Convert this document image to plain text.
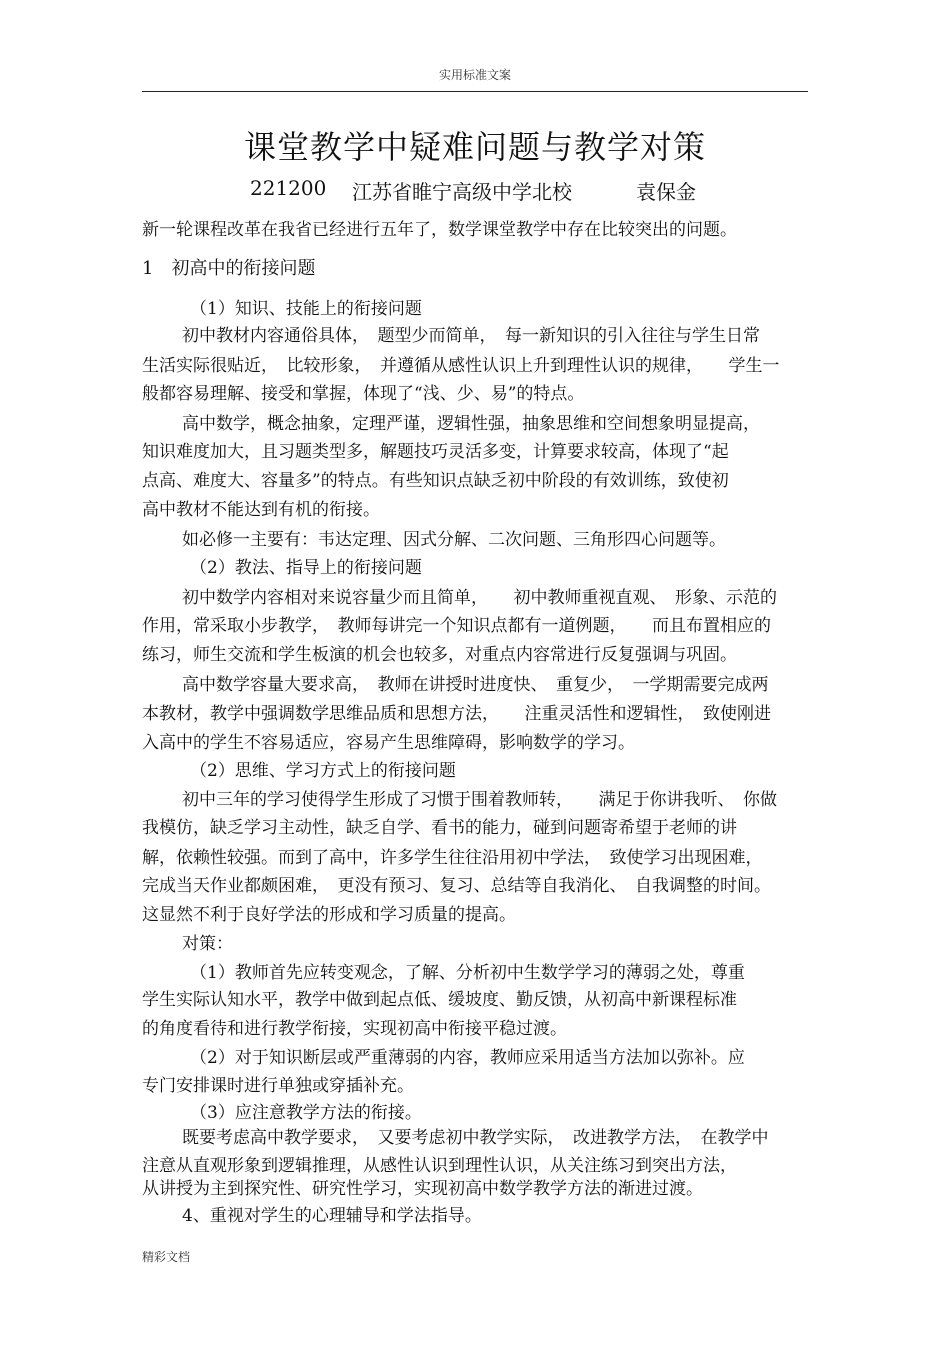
实用标准文案
课堂教学中疑难问题与教学对策
221200 江苏省睢宁高级中学北校	袁保金
新一轮课程改革在我省已经进行五年了，数学课堂教学中存在比较突出的问题。
1　初高中的衔接问题
（1）知识、技能上的衔接问题
初中教材内容通俗具体，　题型少而简单，　每一新知识的引入往往与学生日常
生活实际很贴近，　比较形象，　并遵循从感性认识上升到理性认识的规律，　　学生一
般都容易理解、接受和掌握，体现了“浅、少、易”的特点。
高中数学，概念抽象，定理严谨，逻辑性强，抽象思维和空间想象明显提高，
知识难度加大，且习题类型多，解题技巧灵活多变，计算要求较高，体现了“起
点高、难度大、容量多”的特点。有些知识点缺乏初中阶段的有效训练，致使初
高中教材不能达到有机的衔接。
如必修一主要有：韦达定理、因式分解、二次问题、三角形四心问题等。
（2）教法、指导上的衔接问题
初中数学内容相对来说容量少而且简单，　　初中教师重视直观、　形象、示范的
作用，常采取小步教学，　教师每讲完一个知识点都有一道例题，　　而且布置相应的
练习，师生交流和学生板演的机会也较多，对重点内容常进行反复强调与巩固。
高中数学容量大要求高，　教师在讲授时进度快、　重复少，　一学期需要完成两
本教材，教学中强调数学思维品质和思想方法，　　注重灵活性和逻辑性，　致使刚进
入高中的学生不容易适应，容易产生思维障碍，影响数学的学习。
（2）思维、学习方式上的衔接问题
初中三年的学习使得学生形成了习惯于围着教师转，　　满足于你讲我听、　你做
我模仿，缺乏学习主动性，缺乏自学、看书的能力，碰到问题寄希望于老师的讲
解，依赖性较强。而到了高中，许多学生往往沿用初中学法，　致使学习出现困难，
完成当天作业都颇困难，　更没有预习、复习、总结等自我消化、　自我调整的时间。
这显然不利于良好学法的形成和学习质量的提高。
对策：
（1）教师首先应转变观念，了解、分析初中生数学学习的薄弱之处，尊重
学生实际认知水平，教学中做到起点低、缓坡度、勤反馈，从初高中新课程标准
的角度看待和进行教学衔接，实现初高中衔接平稳过渡。
（2）对于知识断层或严重薄弱的内容，教师应采用适当方法加以弥补。应
专门安排课时进行单独或穿插补充。
（3）应注意教学方法的衔接。
既要考虑高中教学要求，　又要考虑初中教学实际，　改进教学方法，　在教学中
注意从直观形象到逻辑推理，从感性认识到理性认识，从关注练习到突出方法，
从讲授为主到探究性、研究性学习，实现初高中数学教学方法的渐进过渡。
4、重视对学生的心理辅导和学法指导。
精彩文档
